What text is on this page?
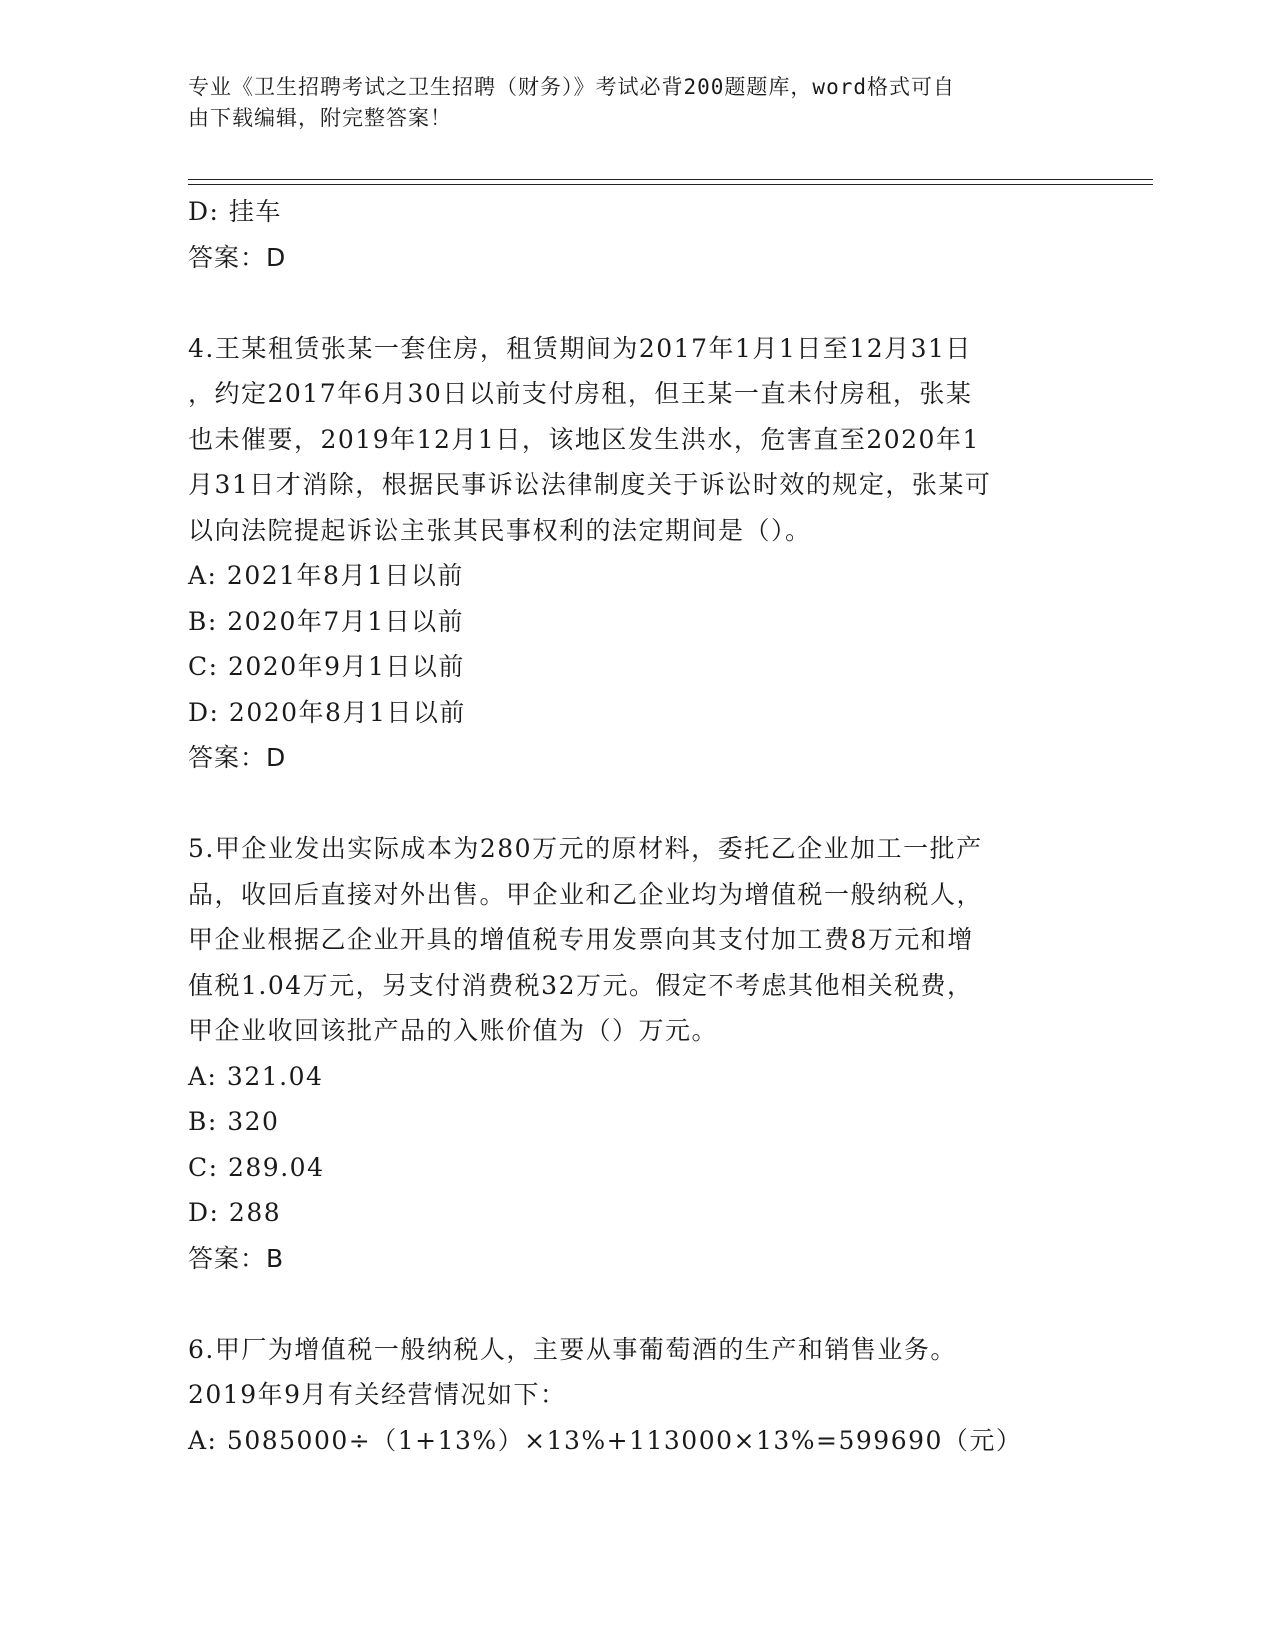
专业《卫生招聘考试之卫生招聘（财务）》考试必背200题题库，word格式可自
由下载编辑，附完整答案！
D: 挂车
答案：D
4.王某租赁张某一套住房，租赁期间为2017年1月1日至12月31日
，约定2017年6月30日以前支付房租，但王某一直未付房租，张某
也未催要，2019年12月1日，该地区发生洪水，危害直至2020年1
月31日才消除，根据民事诉讼法律制度关于诉讼时效的规定，张某可
以向法院提起诉讼主张其民事权利的法定期间是（）。
A: 2021年8月1日以前
B: 2020年7月1日以前
C: 2020年9月1日以前
D: 2020年8月1日以前
答案：D
5.甲企业发出实际成本为280万元的原材料，委托乙企业加工一批产
品，收回后直接对外出售。甲企业和乙企业均为增值税一般纳税人，
甲企业根据乙企业开具的增值税专用发票向其支付加工费8万元和增
值税1.04万元，另支付消费税32万元。假定不考虑其他相关税费，
甲企业收回该批产品的入账价值为（）万元。
A: 321.04
B: 320
C: 289.04
D: 288
答案：B
6.甲厂为增值税一般纳税人，主要从事葡萄酒的生产和销售业务。
2019年9月有关经营情况如下：
A: 5085000÷（1+13%）×13%+113000×13%=599690（元）
